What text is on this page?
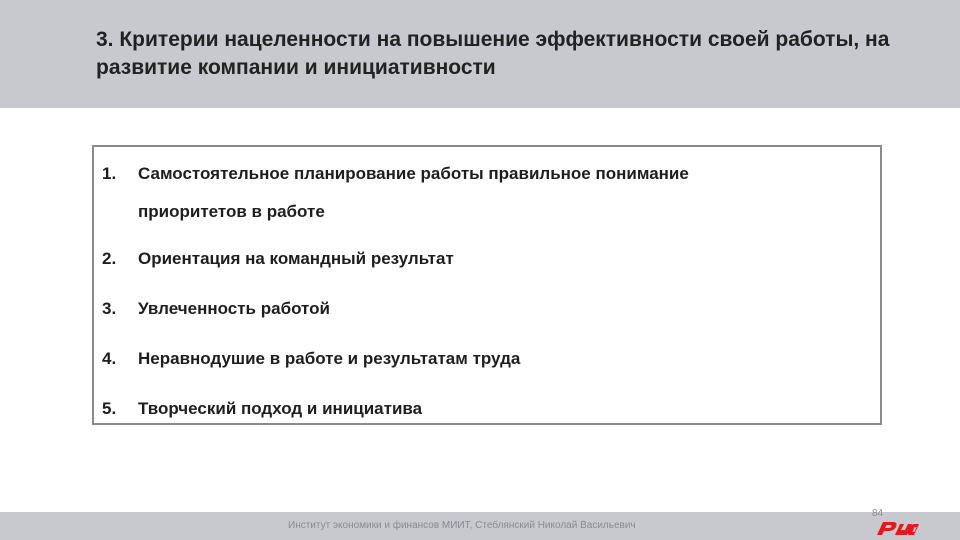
3. Критерии нацеленности на повышение эффективности своей работы, на развитие компании и инициативности
1.	Самостоятельное планирование работы правильное понимание
приоритетов в работе
2.	Ориентация на командный результат
3.	Увлеченность работой
4.	Неравнодушие в работе и результатам труда
5.	Творческий подход и инициатива
Институт экономики и финансов МИИТ, Стеблянский Николай Васильевич
84
